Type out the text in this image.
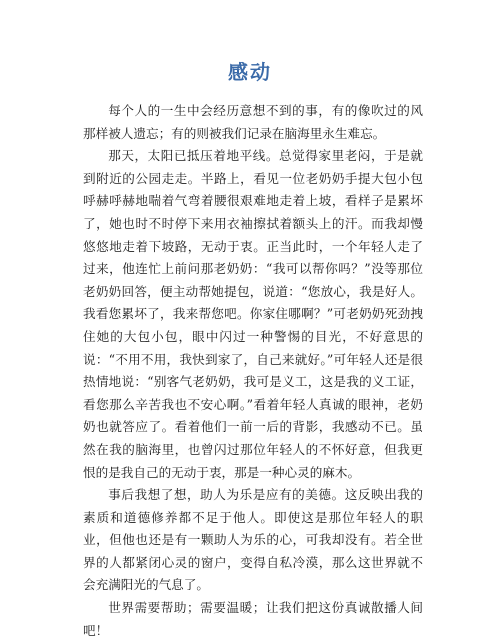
感动

每个人的一生中会经历意想不到的事，有的像吹过的风那样被人遗忘；有的则被我们记录在脑海里永生难忘。

那天，太阳已抵压着地平线。总觉得家里老闷，于是就到附近的公园走走。半路上，看见一位老奶奶手提大包小包呼赫呼赫地喘着气弯着腰很艰难地走着上坡，看样子是累坏了，她也时不时停下来用衣袖擦拭着额头上的汗。而我却慢悠悠地走着下坡路，无动于衷。正当此时，一个年轻人走了过来，他连忙上前问那老奶奶：“我可以帮你吗？”没等那位老奶奶回答，便主动帮她提包，说道：“您放心，我是好人。我看您累坏了，我来帮您吧。你家住哪啊？”可老奶奶死劲拽住她的大包小包，眼中闪过一种警惕的目光，不好意思的说：“不用不用，我快到家了，自己来就好。”可年轻人还是很热情地说：“别客气老奶奶，我可是义工，这是我的义工证，看您那么辛苦我也不安心啊。”看着年轻人真诚的眼神，老奶奶也就答应了。看着他们一前一后的背影，我感动不已。虽然在我的脑海里，也曾闪过那位年轻人的不怀好意，但我更恨的是我自己的无动于衷，那是一种心灵的麻木。

事后我想了想，助人为乐是应有的美德。这反映出我的素质和道德修养都不足于他人。即使这是那位年轻人的职业，但他也还是有一颗助人为乐的心，可我却没有。若全世界的人都紧闭心灵的窗户，变得自私冷漠，那么这世界就不会充满阳光的气息了。

世界需要帮助；需要温暖；让我们把这份真诚散播人间吧！
